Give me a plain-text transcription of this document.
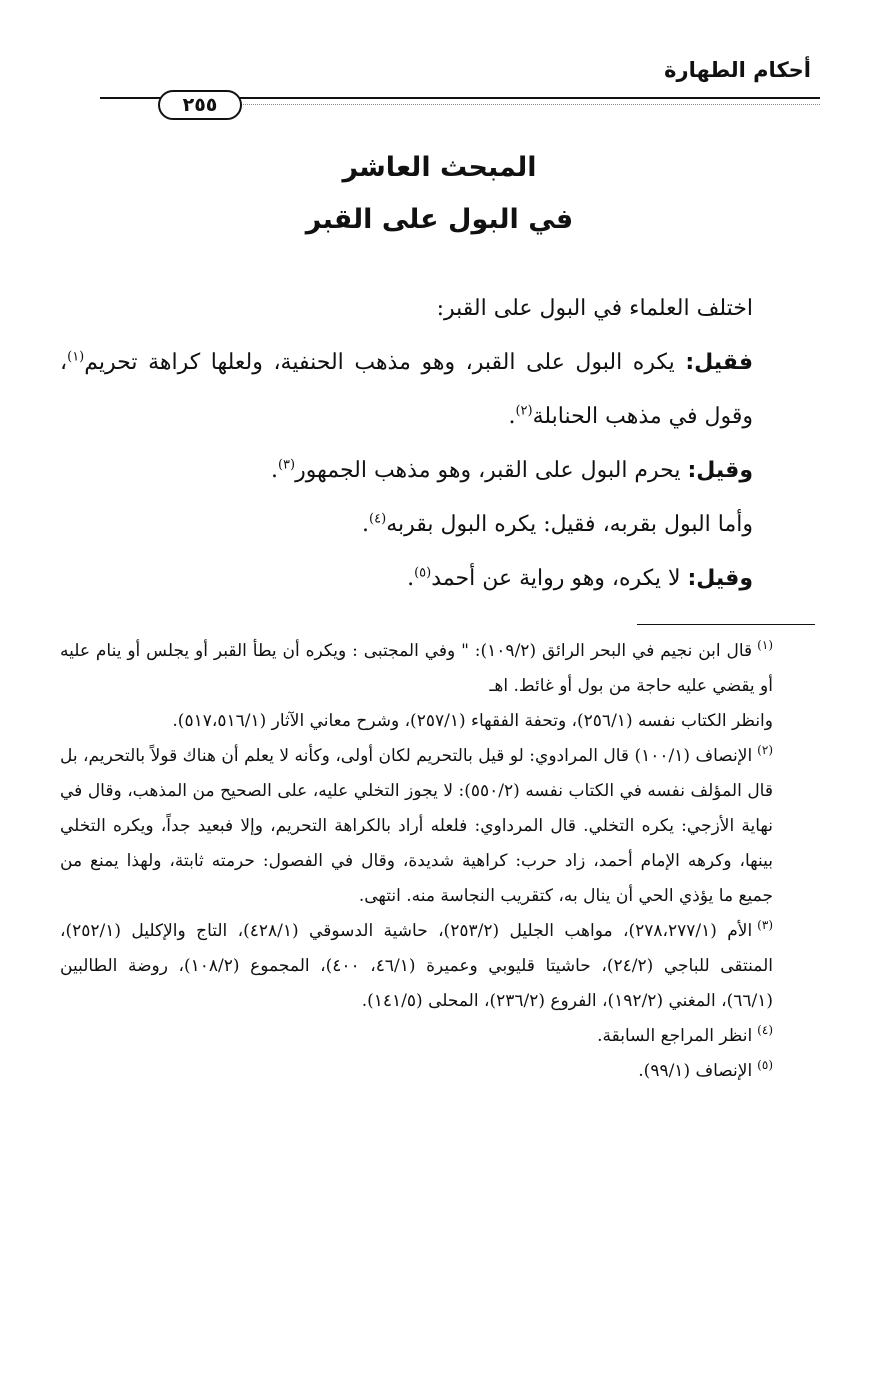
أحكام الطهارة
٢٥٥
المبحث العاشر
في البول على القبر

اختلف العلماء في البول على القبر:

فقيل: يكره البول على القبر، وهو مذهب الحنفية، ولعلها كراهة تحريم$^{(١)}$، وقول في مذهب الحنابلة$^{(٢)}$.

وقيل: يحرم البول على القبر، وهو مذهب الجمهور$^{(٣)}$.

وأما البول بقربه، فقيل: يكره البول بقربه$^{(٤)}$.

وقيل: لا يكره، وهو رواية عن أحمد$^{(٥)}$.

$^{(١)}$قال ابن نجيم في البحر الرائق (١٠٩/٢): " وفي المجتبى : ويكره أن يطأ القبر أو يجلس أو ينام عليه أو يقضي عليه حاجة من بول أو غائط. اهـ

وانظر الكتاب نفسه (٢٥٦/١)، وتحفة الفقهاء (٢٥٧/١)، وشرح معاني الآثار (٥١٧،٥١٦/١).

$^{(٢)}$الإنصاف (١٠٠/١) قال المرادوي: لو قيل بالتحريم لكان أولى، وكأنه لا يعلم أن هناك قولاً بالتحريم، بل قال المؤلف نفسه في الكتاب نفسه (٥٥٠/٢): لا يجوز التخلي عليه، على الصحيح من المذهب، وقال في نهاية الأزجي: يكره التخلي. قال المرداوي: فلعله أراد بالكراهة التحريم، وإلا فبعيد جداً، ويكره التخلي بينها، وكرهه الإمام أحمد، زاد حرب: كراهية شديدة، وقال في الفصول: حرمته ثابتة، ولهذا يمنع من جميع ما يؤذي الحي أن ينال به، كتقريب النجاسة منه. انتهى.

$^{(٣)}$الأم (٢٧٨،٢٧٧/١)، مواهب الجليل (٢٥٣/٢)، حاشية الدسوقي (٤٢٨/١)، التاج والإكليل (٢٥٢/١)، المنتقى للباجي (٢٤/٢)، حاشيتا قليوبي وعميرة (٤٦/١، ٤٠٠)، المجموع (١٠٨/٢)، روضة الطالبين (٦٦/١)، المغني (١٩٢/٢)، الفروع (٢٣٦/٢)، المحلى (١٤١/٥).

$^{(٤)}$انظر المراجع السابقة.

$^{(٥)}$الإنصاف (٩٩/١).
